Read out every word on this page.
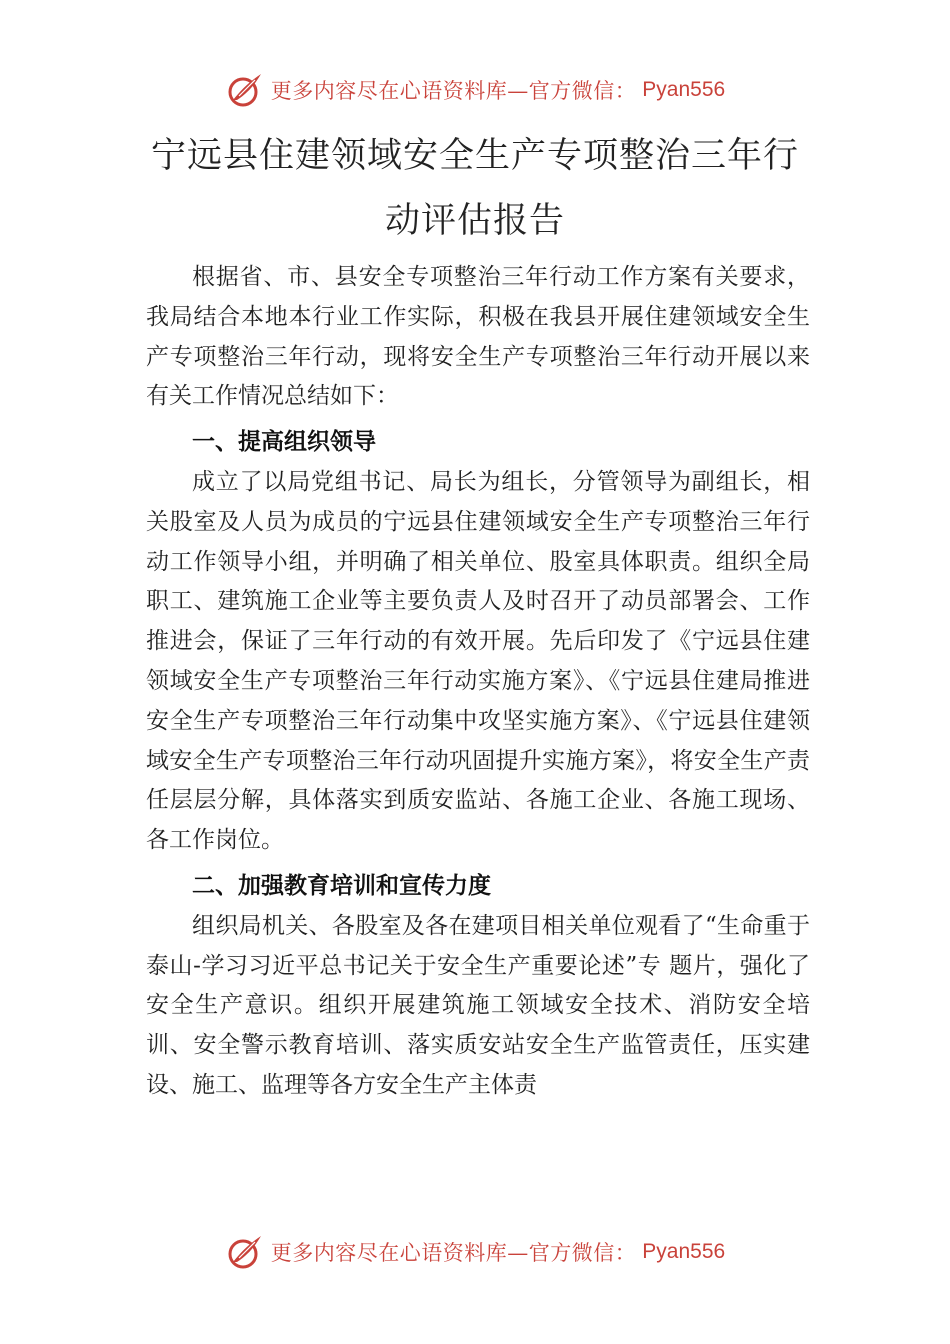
更多内容尽在心语资料库—官方微信： Pyan556
宁远县住建领域安全生产专项整治三年行
动评估报告

根据省、市、县安全专项整治三年行动工作方案有关要求，我局结合本地本行业工作实际，积极在我县开展住建领域安全生产专项整治三年行动，现将安全生产专项整治三年行动开展以来有关工作情况总结如下：

一、提高组织领导

成立了以局党组书记、局长为组长，分管领导为副组长，相关股室及人员为成员的宁远县住建领域安全生产专项整治三年行动工作领导小组，并明确了相关单位、股室具体职责。组织全局职工、建筑施工企业等主要负责人及时召开了动员部署会、工作推进会，保证了三年行动的有效开展。先后印发了《宁远县住建领域安全生产专项整治三年行动实施方案》、《宁远县住建局推进安全生产专项整治三年行动集中攻坚实施方案》、《宁远县住建领域安全生产专项整治三年行动巩固提升实施方案》，将安全生产责任层层分解，具体落实到质安监站、各施工企业、各施工现场、各工作岗位。

二、加强教育培训和宣传力度

组织局机关、各股室及各在建项目相关单位观看了“生命重于泰山-学习习近平总书记关于安全生产重要论述”专 题片，强化了安全生产意识。组织开展建筑施工领域安全技术、消防安全培训、安全警示教育培训、落实质安站安全生产监管责任，压实建设、施工、监理等各方安全生产主体责

更多内容尽在心语资料库—官方微信： Pyan556
